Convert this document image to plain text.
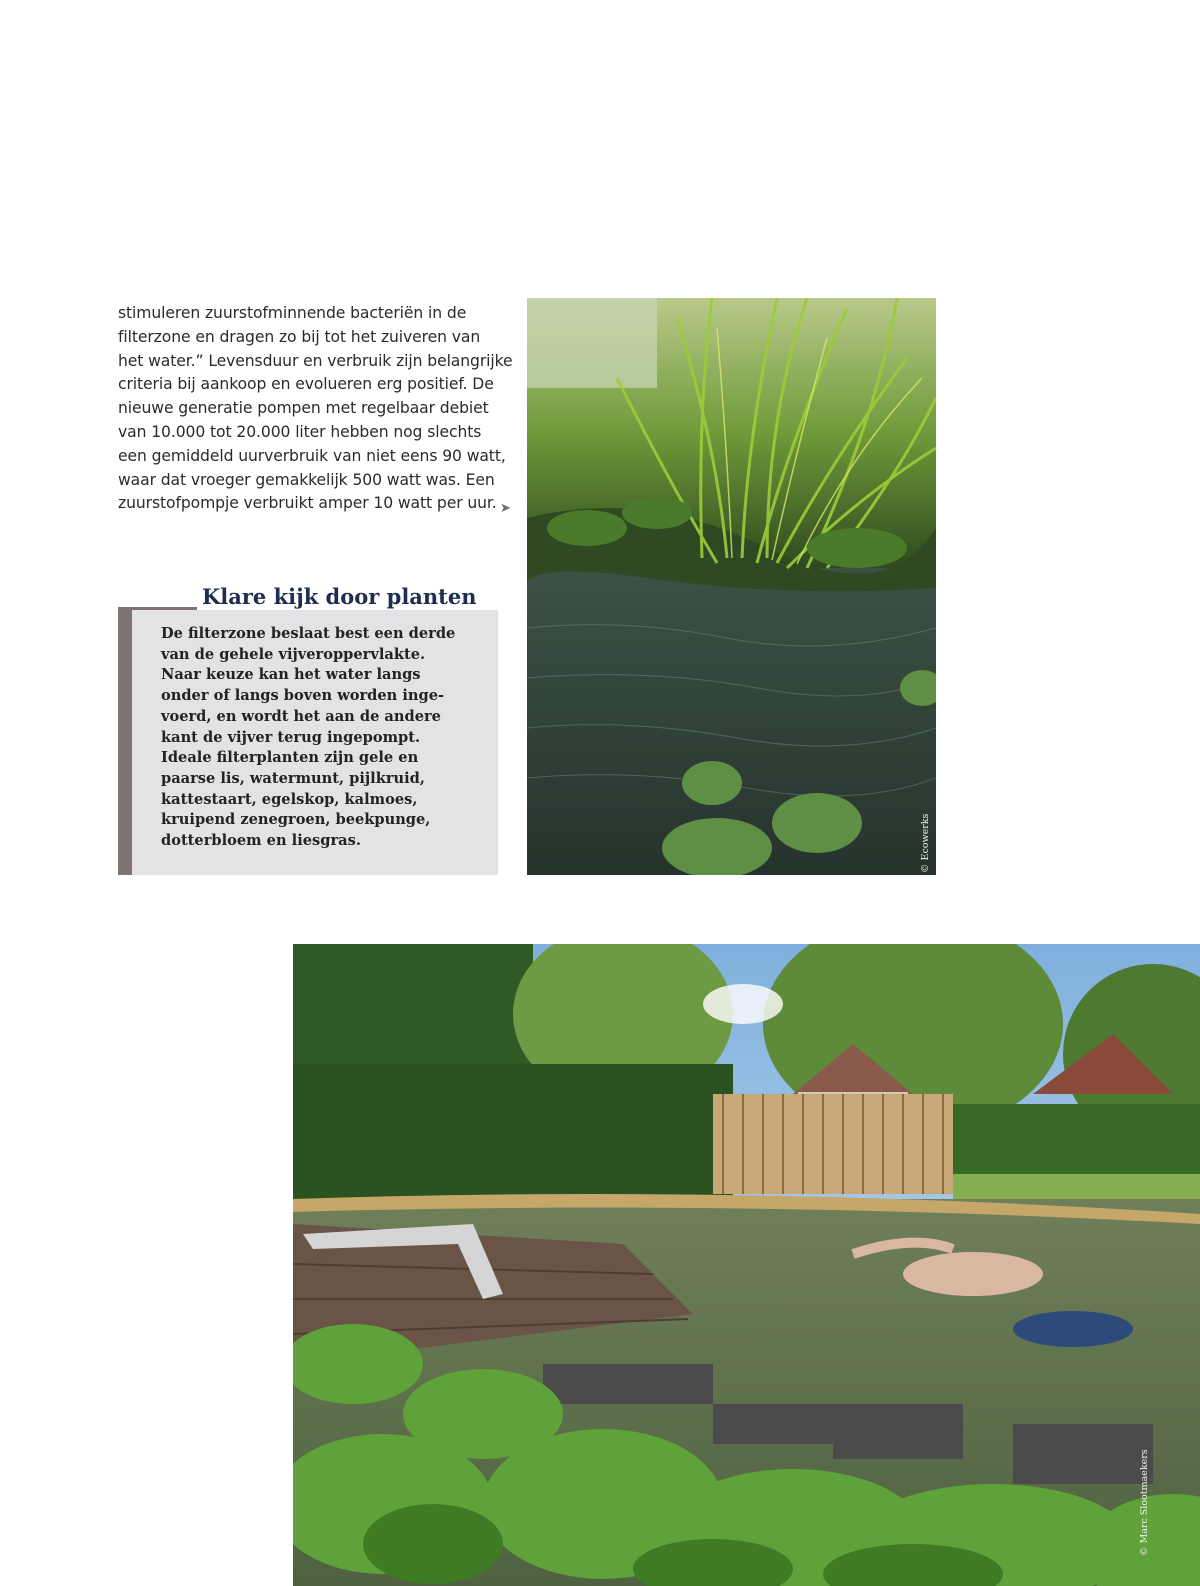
stimuleren zuurstofminnende bacteriën in de
filterzone en dragen zo bij tot het zuiveren van
het water.” Levensduur en verbruik zijn belangrijke
criteria bij aankoop en evolueren erg positief. De
nieuwe generatie pompen met regelbaar debiet
van 10.000 tot 20.000 liter hebben nog slechts
een gemiddeld uurverbruik van niet eens 90 watt,
waar dat vroeger gemakkelijk 500 watt was. Een
zuurstofpompje verbruikt amper 10 watt per uur. ➤
Klare kijk door planten

De filterzone beslaat best een derde
van de gehele vijveroppervlakte.
Naar keuze kan het water langs
onder of langs boven worden inge-
voerd, en wordt het aan de andere
kant de vijver terug ingepompt.
Ideale filterplanten zijn gele en
paarse lis, watermunt, pijlkruid,
kattestaart, egelskop, kalmoes,
kruipend zenegroen, beekpunge,
dotterbloem en liesgras.	© Ecowerks
© Marc Slootmaekers
